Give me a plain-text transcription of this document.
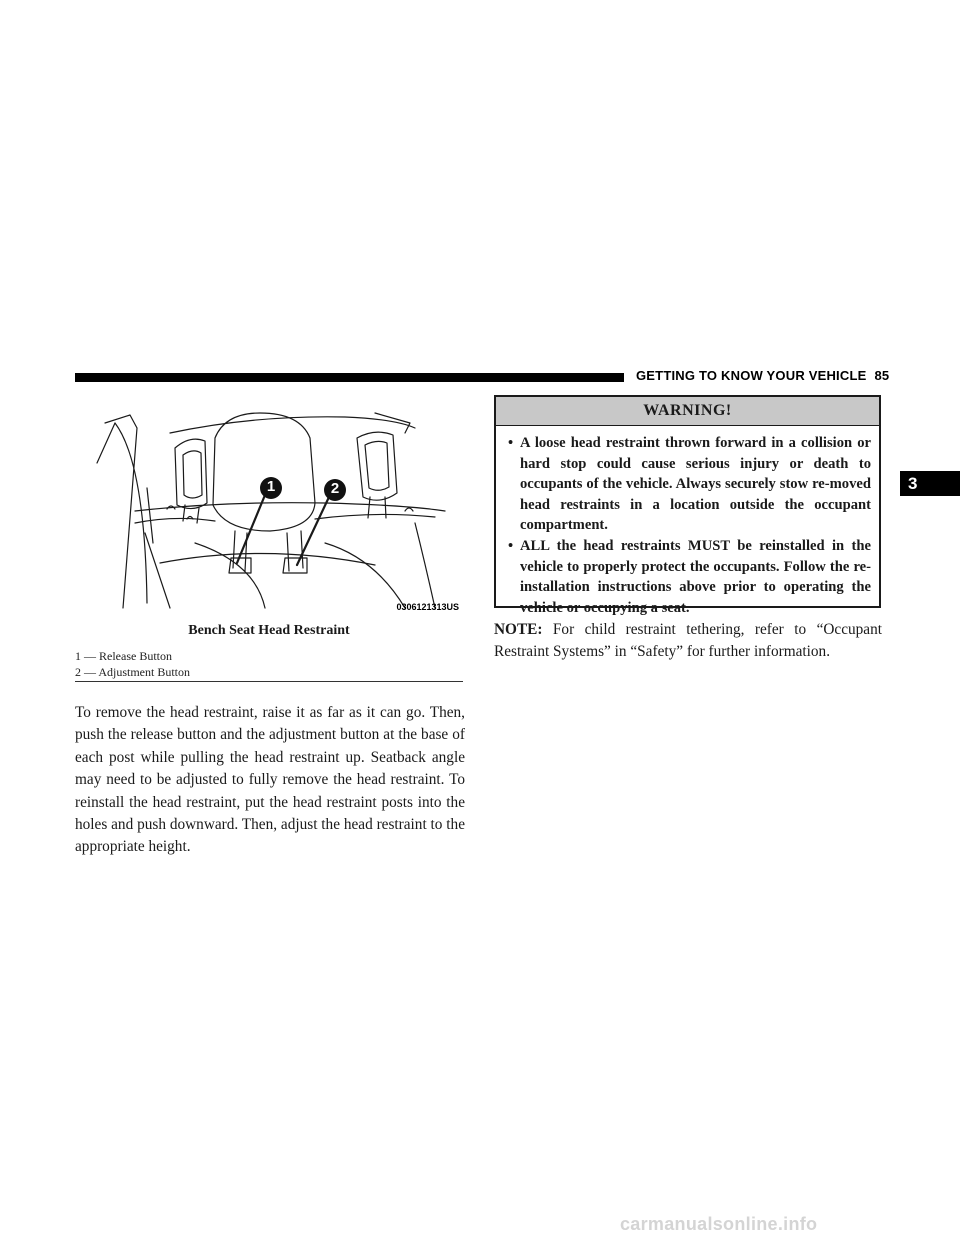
GETTING TO KNOW YOUR VEHICLE 85
3
1	2
0306121313US
Bench Seat Head Restraint
1 — Release Button
2 — Adjustment Button
To remove the head restraint, raise it as far as it can go. Then, push the release button and the adjustment button at the base of each post while pulling the head restraint up. Seatback angle may need to be adjusted to fully remove the head restraint. To reinstall the head restraint, put the head restraint posts into the holes and push downward. Then, adjust the head restraint to the appropriate height.
WARNING!
• A loose head restraint thrown forward in a collision or hard stop could cause serious injury or death to occupants of the vehicle. Always securely stow re-moved head restraints in a location outside the occupant compartment.
• ALL the head restraints MUST be reinstalled in the vehicle to properly protect the occupants. Follow the re-installation instructions above prior to operating the vehicle or occupying a seat.
NOTE: For child restraint tethering, refer to “Occupant Restraint Systems” in “Safety” for further information.
carmanualsonline.info
